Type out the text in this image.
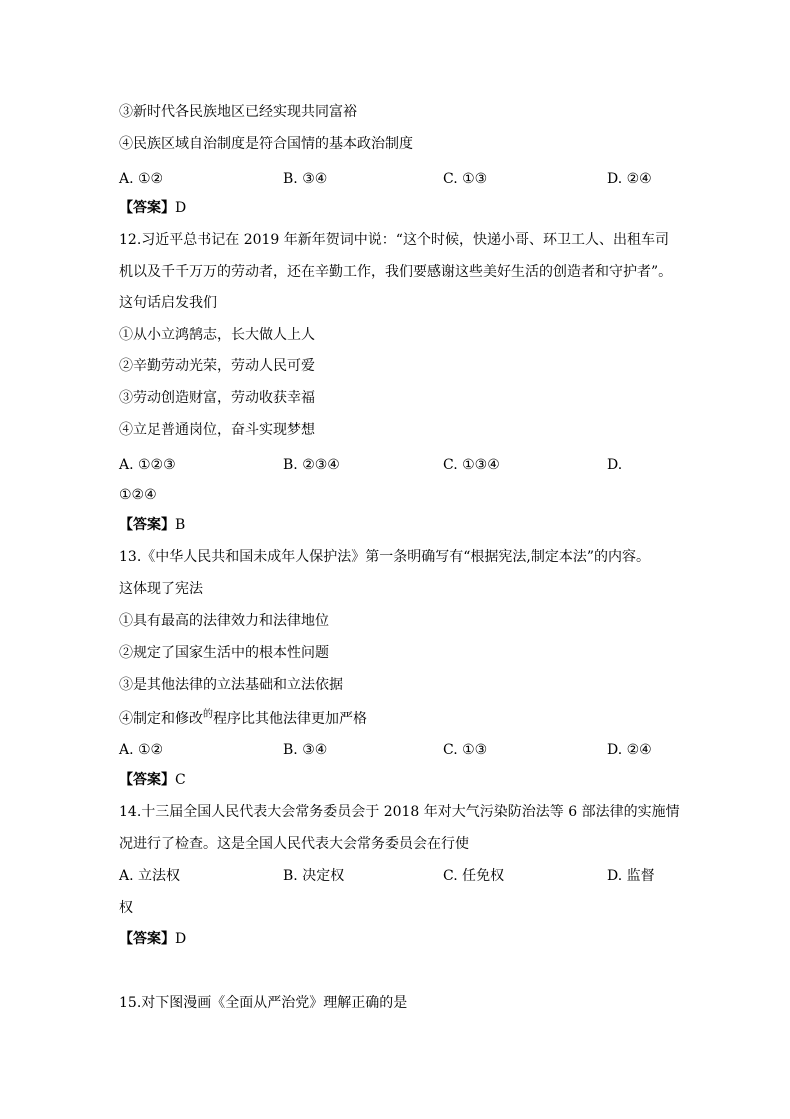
③新时代各民族地区已经实现共同富裕
④民族区域自治制度是符合国情的基本政治制度
A. ①②	B. ③④	C. ①③	D. ②④
【答案】D
12.习近平总书记在 2019 年新年贺词中说：“这个时候，快递小哥、环卫工人、出租车司
机以及千千万万的劳动者，还在辛勤工作，我们要感谢这些美好生活的创造者和守护者”。
这句话启发我们
①从小立鸿鹄志，长大做人上人
②辛勤劳动光荣，劳动人民可爱
③劳动创造财富，劳动收获幸福
④立足普通岗位，奋斗实现梦想
A. ①②③	B. ②③④	C. ①③④	D.
①②④
【答案】B
13.《中华人民共和国未成年人保护法》第一条明确写有“根据宪法,制定本法”的内容。
这体现了宪法
①具有最高的法律效力和法律地位
②规定了国家生活中的根本性问题
③是其他法律的立法基础和立法依据
④制定和修改$^的$程序比其他法律更加严格
A. ①②	B. ③④	C. ①③	D. ②④
【答案】C
14.十三届全国人民代表大会常务委员会于 2018 年对大气污染防治法等 6 部法律的实施情
况进行了检查。这是全国人民代表大会常务委员会在行使
A. 立法权	B. 决定权	C. 任免权	D. 监督
权
【答案】D
15.对下图漫画《全面从严治党》理解正确的是
